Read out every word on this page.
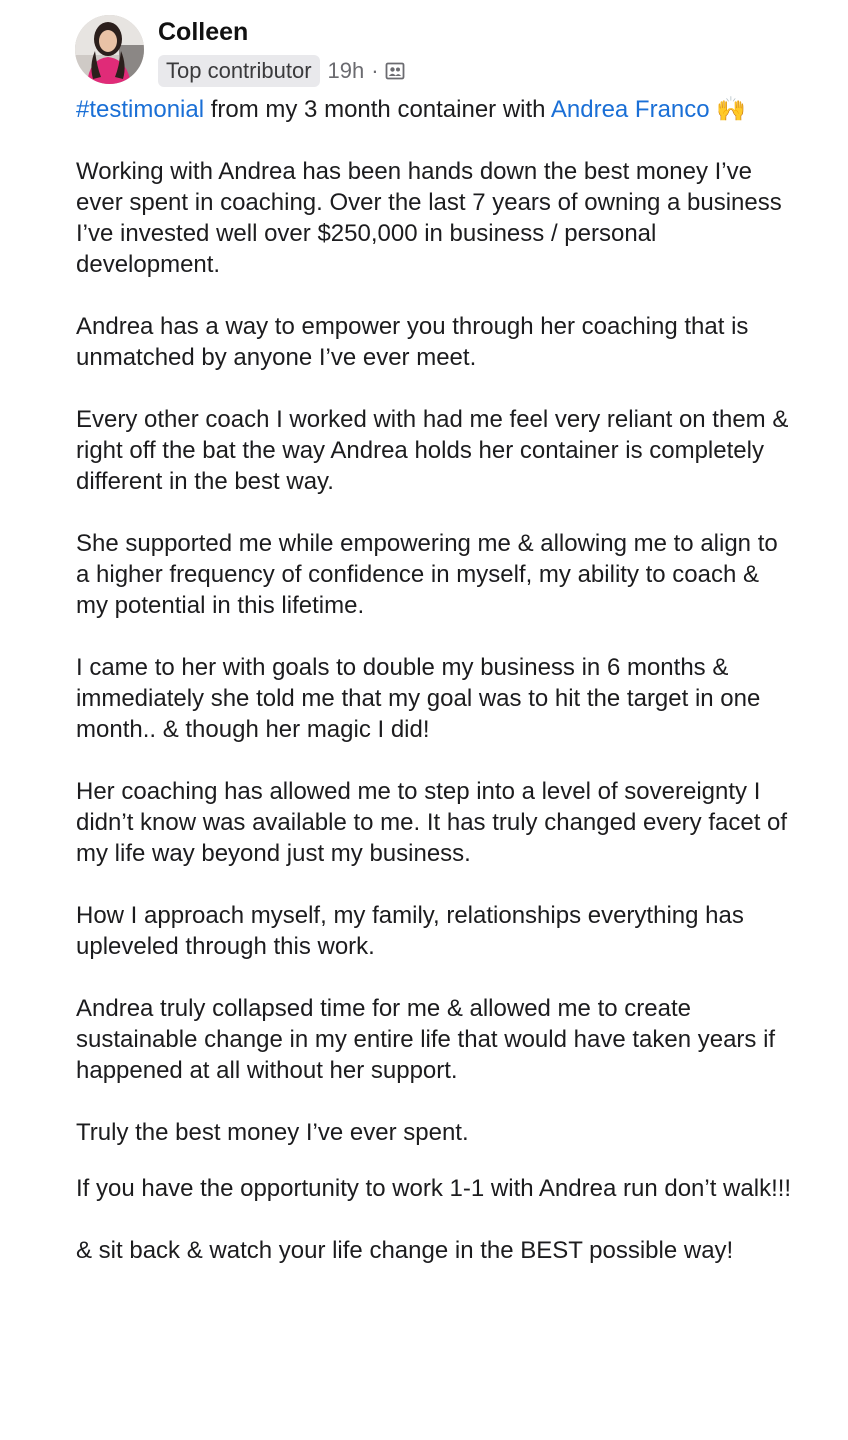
Colleen
Top contributor 19h ·

#testimonial from my 3 month container with Andrea Franco 🙌

Working with Andrea has been hands down the best money I’ve ever spent in coaching. Over the last 7 years of owning a business I’ve invested well over $250,000 in business / personal development.

Andrea has a way to empower you through her coaching that is unmatched by anyone I’ve ever meet.

Every other coach I worked with had me feel very reliant on them & right off the bat the way Andrea holds her container is completely different in the best way.

She supported me while empowering me & allowing me to align to a higher frequency of confidence in myself, my ability to coach & my potential in this lifetime.

I came to her with goals to double my business in 6 months & immediately she told me that my goal was to hit the target in one month.. & though her magic I did!

Her coaching has allowed me to step into a level of sovereignty I didn’t know was available to me. It has truly changed every facet of my life way beyond just my business.

How I approach myself, my family, relationships everything has upleveled through this work.

Andrea truly collapsed time for me & allowed me to create sustainable change in my entire life that would have taken years if happened at all without her support.

Truly the best money I’ve ever spent.

If you have the opportunity to work 1-1 with Andrea run don’t walk!!!

& sit back & watch your life change in the BEST possible way!
